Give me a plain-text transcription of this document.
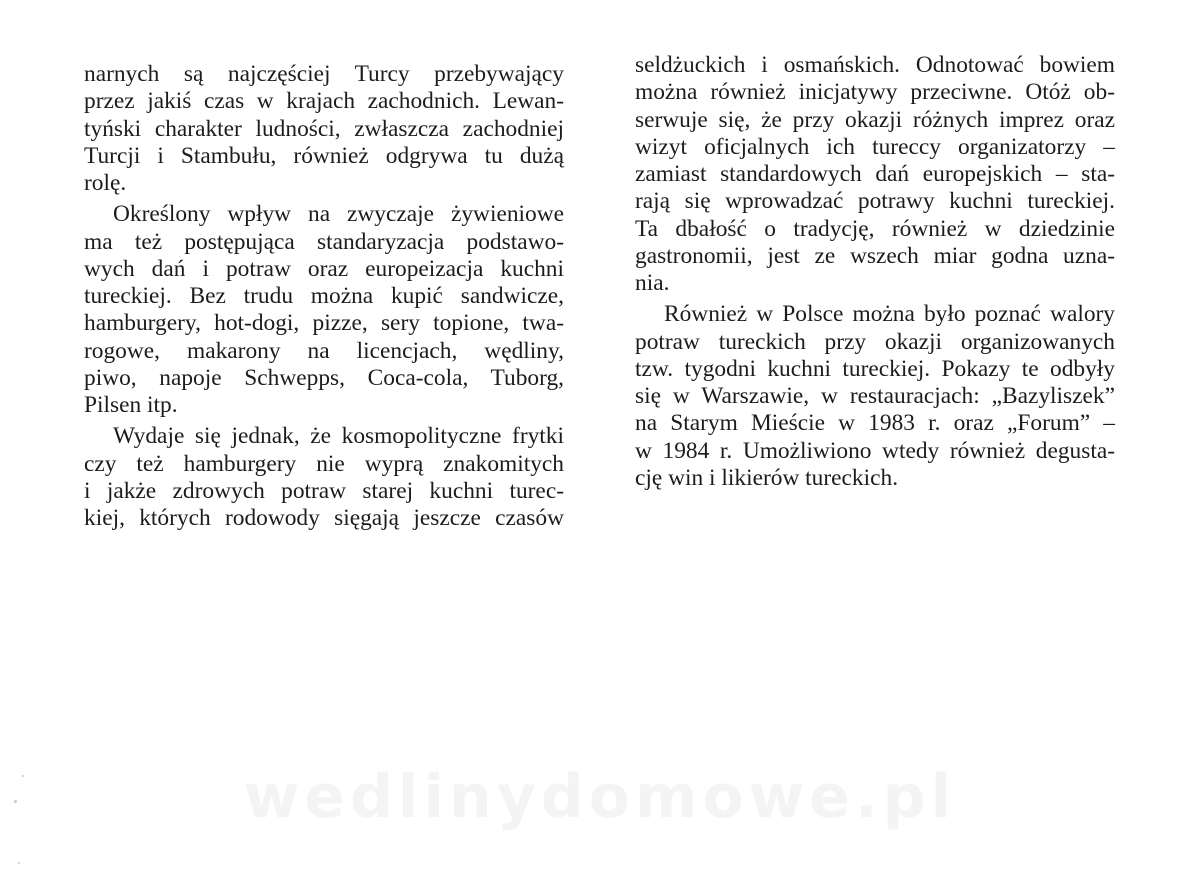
narnych są najczęściej Turcy przebywający
przez jakiś czas w krajach zachodnich. Lewan-
tyński charakter ludności, zwłaszcza zachodniej
Turcji i Stambułu, również odgrywa tu dużą
rolę.
Określony wpływ na zwyczaje żywieniowe
ma też postępująca standaryzacja podstawo-
wych dań i potraw oraz europeizacja kuchni
tureckiej. Bez trudu można kupić sandwicze,
hamburgery, hot-dogi, pizze, sery topione, twa-
rogowe, makarony na licencjach, wędliny,
piwo, napoje Schwepps, Coca-cola, Tuborg,
Pilsen itp.
Wydaje się jednak, że kosmopolityczne frytki
czy też hamburgery nie wyprą znakomitych
i jakże zdrowych potraw starej kuchni turec-
kiej, których rodowody sięgają jeszcze czasów
seldżuckich i osmańskich. Odnotować bowiem
można również inicjatywy przeciwne. Otóż ob-
serwuje się, że przy okazji różnych imprez oraz
wizyt oficjalnych ich tureccy organizatorzy –
zamiast standardowych dań europejskich – sta-
rają się wprowadzać potrawy kuchni tureckiej.
Ta dbałość o tradycję, również w dziedzinie
gastronomii, jest ze wszech miar godna uzna-
nia.
Również w Polsce można było poznać walory
potraw tureckich przy okazji organizowanych
tzw. tygodni kuchni tureckiej. Pokazy te odbyły
się w Warszawie, w restauracjach: „Bazyliszek”
na Starym Mieście w 1983 r. oraz „Forum” –
w 1984 r. Umożliwiono wtedy również degusta-
cję win i likierów tureckich.
wedlinydomowe.pl
